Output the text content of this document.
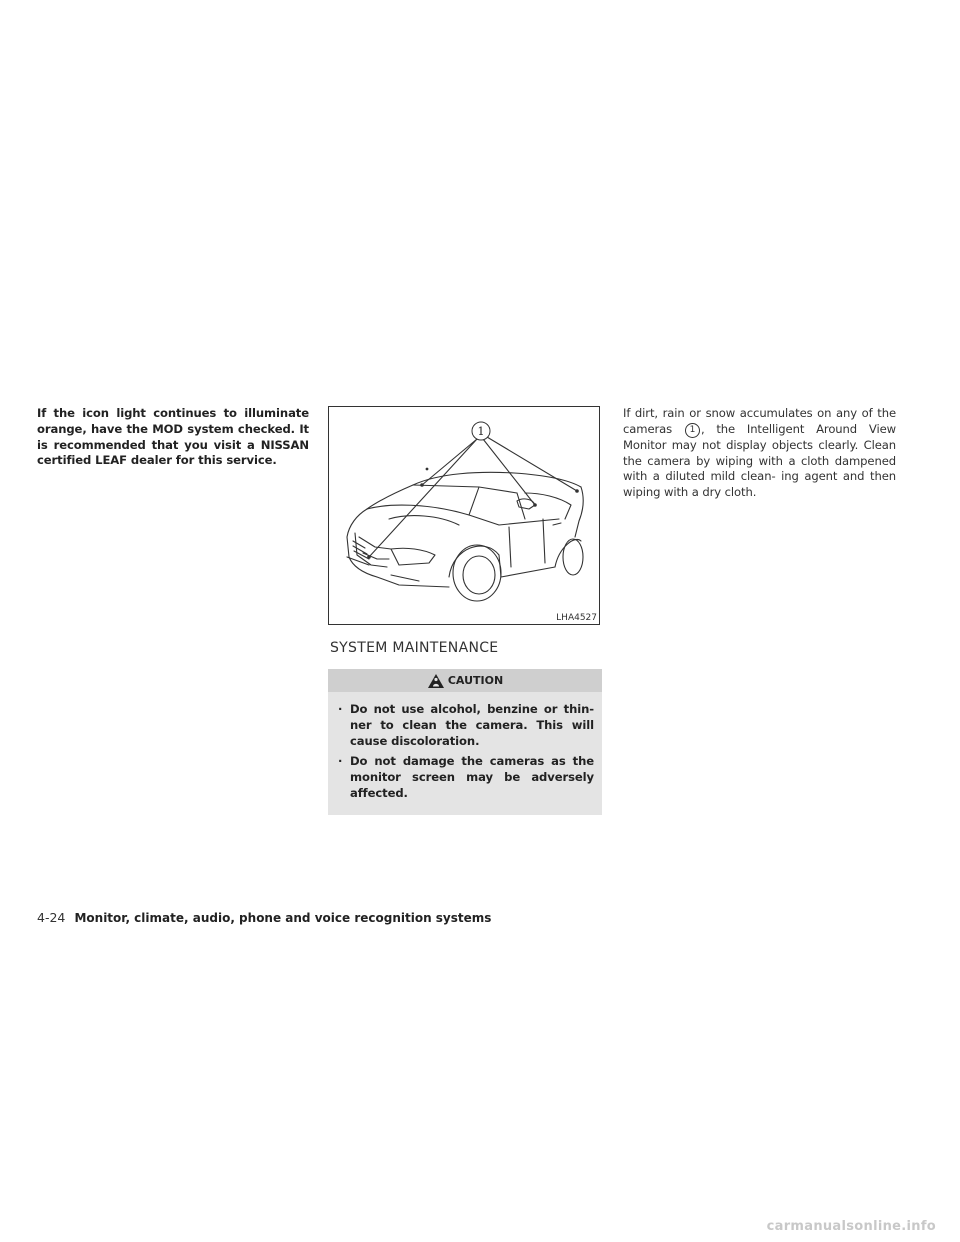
If the icon light continues to illuminate orange, have the MOD system checked. It is recommended that you visit a NISSAN certified LEAF dealer for this service.

1
LHA4527
SYSTEM MAINTENANCE
CAUTION
· Do not use alcohol, benzine or thin- ner to clean the camera. This will cause discoloration.
· Do not damage the cameras as the monitor screen may be adversely affected.

If dirt, rain or snow accumulates on any of the cameras 1 , the Intelligent Around View Monitor may not display objects clearly. Clean the camera by wiping with a cloth dampened with a diluted mild clean- ing agent and then wiping with a dry cloth.

4-24 Monitor, climate, audio, phone and voice recognition systems
carmanualsonline.info
